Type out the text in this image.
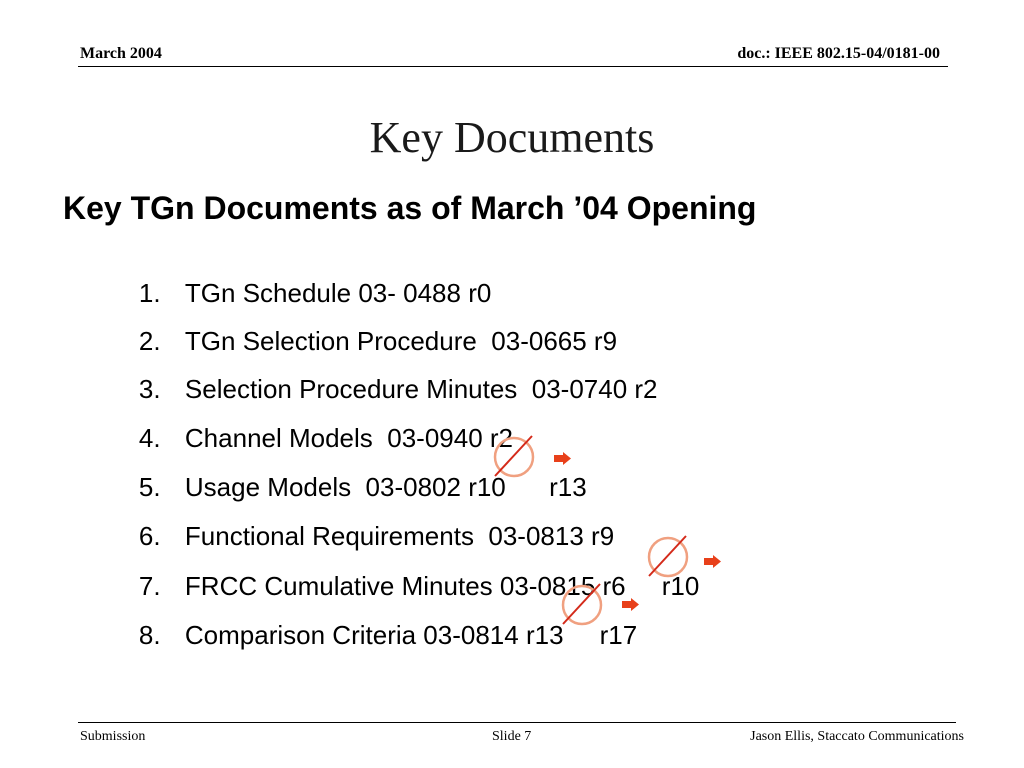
March 2004	doc.: IEEE 802.15-04/0181-00
Key Documents
Key TGn Documents as of March ’04 Opening

1. TGn Schedule 03- 0488 r0

2. TGn Selection Procedure  03-0665 r9

3. Selection Procedure Minutes  03-0740 r2

4. Channel Models  03-0940 r2

5. Usage Models  03-0802 r10      r13

6. Functional Requirements  03-0813 r9

7. FRCC Cumulative Minutes 03-0815 r6     r10

8. Comparison Criteria 03-0814 r13     r17

Submission	Slide 7	Jason Ellis, Staccato Communications
